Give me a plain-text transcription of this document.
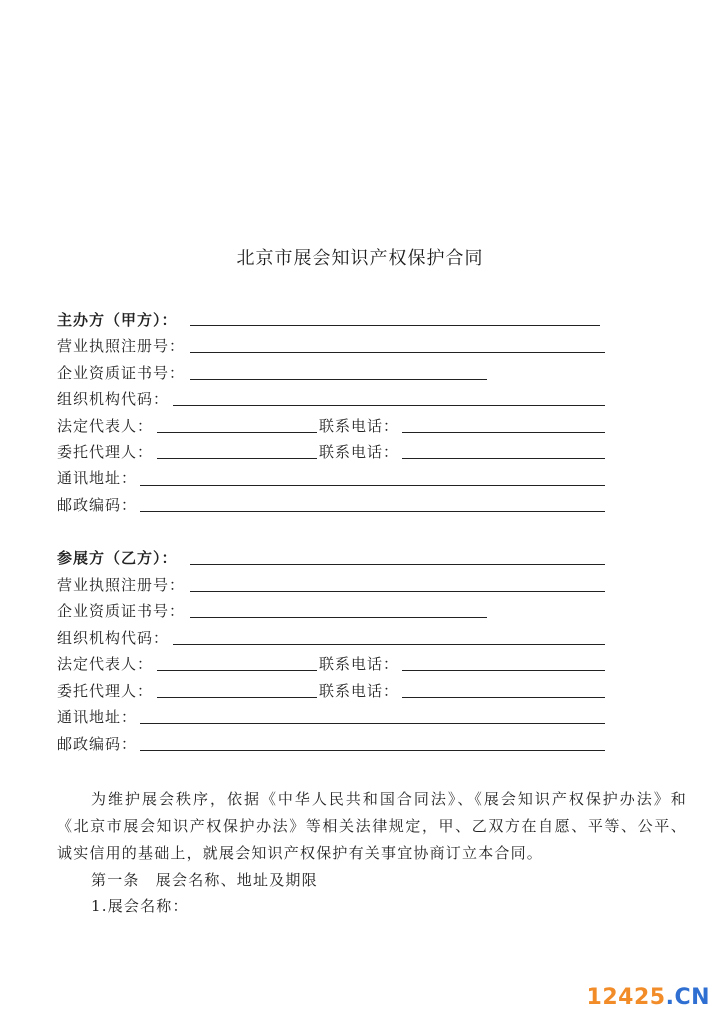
北京市展会知识产权保护合同
主办方（甲方）：
营业执照注册号：
企业资质证书号：
组织机构代码：
法定代表人：	联系电话：
委托代理人：	联系电话：
通讯地址：
邮政编码：
参展方（乙方）：
营业执照注册号：
企业资质证书号：
组织机构代码：
法定代表人：	联系电话：
委托代理人：	联系电话：
通讯地址：
邮政编码：
为维护展会秩序，依据《中华人民共和国合同法》、《展会知识产权保护办法》和《北京市展会知识产权保护办法》等相关法律规定，甲、乙双方在自愿、平等、公平、诚实信用的基础上，就展会知识产权保护有关事宜协商订立本合同。
第一条　展会名称、地址及期限
1.展会名称：
12425.CN
